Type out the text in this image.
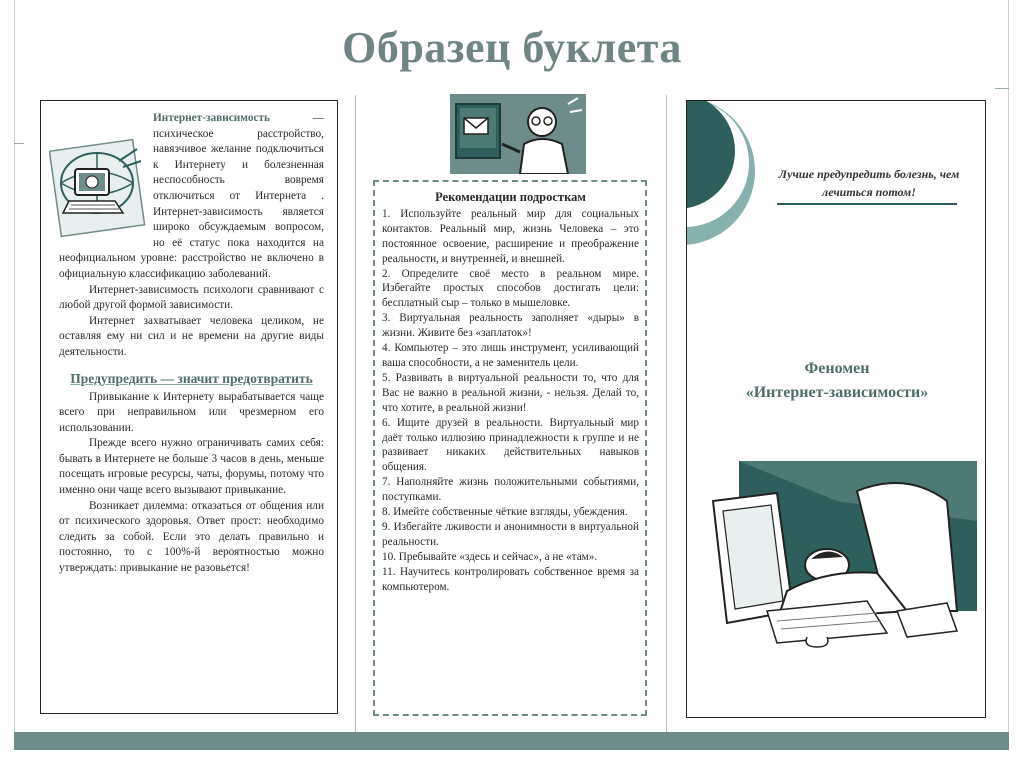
Образец буклета

Интернет-зависимость — психическое расстройство, навязчивое желание подключиться к Интернету и болезненная неспособность вовремя отключиться от Интернета . Интернет-зависимость является широко обсуждаемым вопросом, но её статус пока находится на неофициальном уровне: расстройство не включено в официальную классификацию заболеваний.

Интернет-зависимость психологи сравнивают с любой другой формой зависимости.

Интернет захватывает человека целиком, не оставляя ему ни сил и не времени на другие виды деятельности.

Предупредить — значит предотвратить

Привыкание к Интернету вырабатывается чаще всего при неправильном или чрезмерном его использовании.

Прежде всего нужно ограничивать самих себя: бывать в Интернете не больше 3 часов в день, меньше посещать игровые ресурсы, чаты, форумы, потому что именно они чаще всего вызывают привыкание.

Возникает дилемма: отказаться от общения или от психического здоровья. Ответ прост: необходимо следить за собой. Если это делать правильно и постоянно, то с 100%-й вероятностью можно утверждать: привыкание не разовьется!

Рекомендации подросткам

1. Используйте реальный мир для социальных контактов. Реальный мир, жизнь Человека – это постоянное освоение, расширение и преображение реальности, и внутренней, и внешней.

2. Определите своё место в реальном мире. Избегайте простых способов достигать цели: бесплатный сыр – только в мышеловке.

3. Виртуальная реальность заполняет «дыры» в жизни. Живите без «заплаток»!

4. Компьютер – это лишь инструмент, усиливающий ваша способности, а не заменитель цели.

5. Развивать в виртуальной реальности то, что для Вас не важно в реальной жизни, - нельзя. Делай то, что хотите, в реальной жизни!

6. Ищите друзей в реальности. Виртуальный мир даёт только иллюзию принадлежности к группе и не развивает никаких действительных навыков общения.

7. Наполняйте жизнь положительными событиями, поступками.

8. Имейте собственные чёткие взгляды, убеждения.

9. Избегайте лживости и анонимности в виртуальной реальности.

10. Пребывайте «здесь и сейчас», а не «там».

11. Научитесь контролировать собственное время за компьютером.

Лучше предупредить болезнь, чем лечиться потом!
Феномен
«Интернет-зависимости»
